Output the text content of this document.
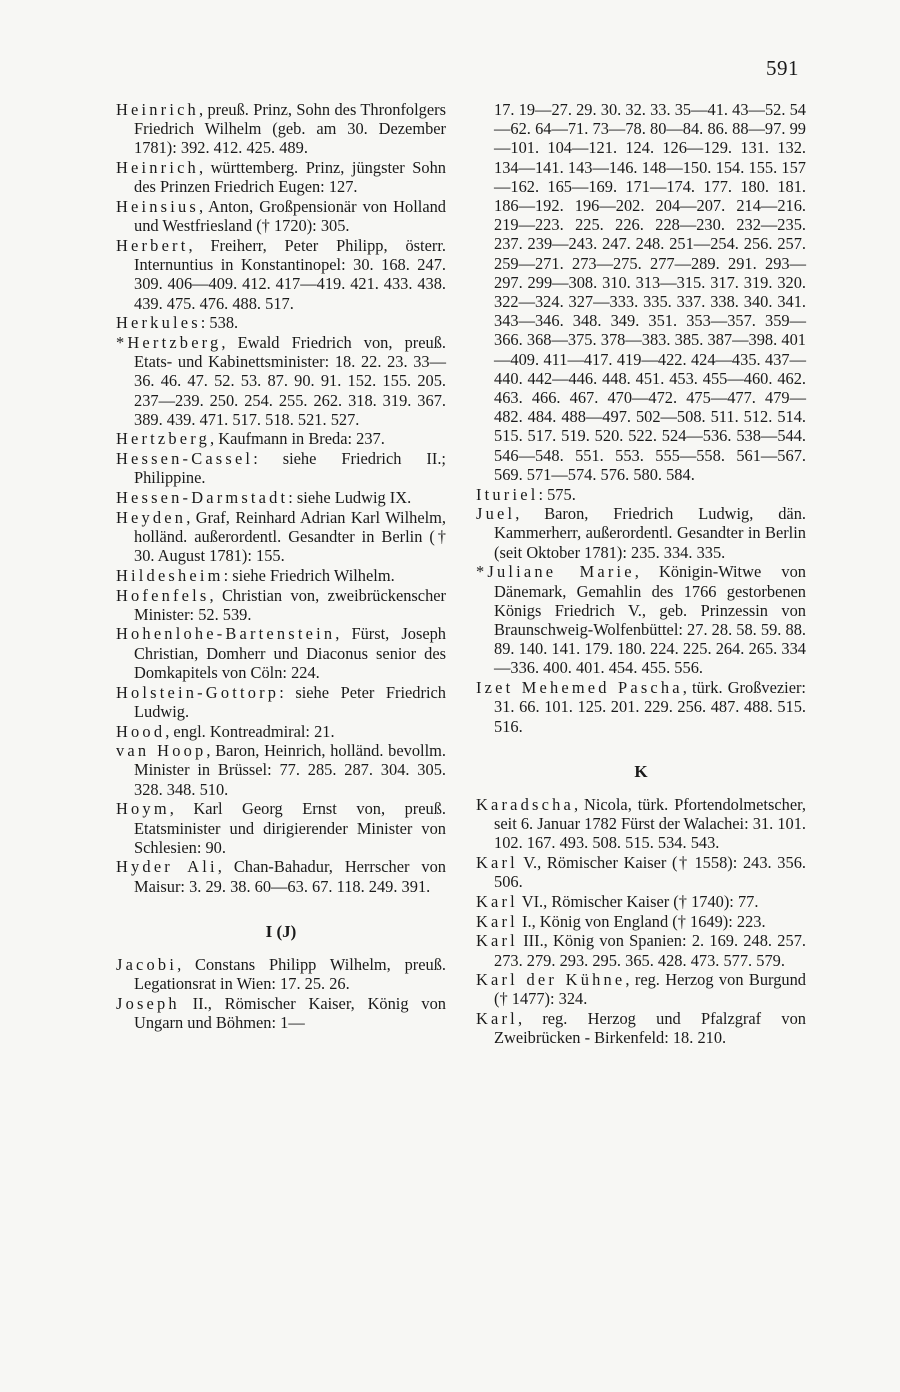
591
Heinrich, preuß. Prinz, Sohn des Thronfolgers Friedrich Wilhelm (geb. am 30. Dezember 1781): 392. 412. 425. 489.
Heinrich, württemberg. Prinz, jüngster Sohn des Prinzen Friedrich Eugen: 127.
Heinsius, Anton, Großpensionär von Holland und Westfriesland († 1720): 305.
Herbert, Freiherr, Peter Philipp, österr. Internuntius in Konstantinopel: 30. 168. 247. 309. 406—409. 412. 417—419. 421. 433. 438. 439. 475. 476. 488. 517.
Herkules: 538.
*Hertzberg, Ewald Friedrich von, preuß. Etats- und Kabinettsminister: 18. 22. 23. 33—36. 46. 47. 52. 53. 87. 90. 91. 152. 155. 205. 237—239. 250. 254. 255. 262. 318. 319. 367. 389. 439. 471. 517. 518. 521. 527.
Hertzberg, Kaufmann in Breda: 237.
Hessen-Cassel: siehe Friedrich II.; Philippine.
Hessen-Darmstadt: siehe Ludwig IX.
Heyden, Graf, Reinhard Adrian Karl Wilhelm, holländ. außerordentl. Gesandter in Berlin († 30. August 1781): 155.
Hildesheim: siehe Friedrich Wilhelm.
Hofenfels, Christian von, zweibrückenscher Minister: 52. 539.
Hohenlohe-Bartenstein, Fürst, Joseph Christian, Domherr und Diaconus senior des Domkapitels von Cöln: 224.
Holstein-Gottorp: siehe Peter Friedrich Ludwig.
Hood, engl. Kontreadmiral: 21.
van Hoop, Baron, Heinrich, holländ. bevollm. Minister in Brüssel: 77. 285. 287. 304. 305. 328. 348. 510.
Hoym, Karl Georg Ernst von, preuß. Etatsminister und dirigierender Minister von Schlesien: 90.
Hyder Ali, Chan-Bahadur, Herrscher von Maisur: 3. 29. 38. 60—63. 67. 118. 249. 391.
I (J)
Jacobi, Constans Philipp Wilhelm, preuß. Legationsrat in Wien: 17. 25. 26.
Joseph II., Römischer Kaiser, König von Ungarn und Böhmen: 1—
17. 19—27. 29. 30. 32. 33. 35—41. 43—52. 54—62. 64—71. 73—78. 80—84. 86. 88—97. 99—101. 104—121. 124. 126—129. 131. 132. 134—141. 143—146. 148—150. 154. 155. 157—162. 165—169. 171—174. 177. 180. 181. 186—192. 196—202. 204—207. 214—216. 219—223. 225. 226. 228—230. 232—235. 237. 239—243. 247. 248. 251—254. 256. 257. 259—271. 273—275. 277—289. 291. 293—297. 299—308. 310. 313—315. 317. 319. 320. 322—324. 327—333. 335. 337. 338. 340. 341. 343—346. 348. 349. 351. 353—357. 359—366. 368—375. 378—383. 385. 387—398. 401—409. 411—417. 419—422. 424—435. 437—440. 442—446. 448. 451. 453. 455—460. 462. 463. 466. 467. 470—472. 475—477. 479—482. 484. 488—497. 502—508. 511. 512. 514. 515. 517. 519. 520. 522. 524—536. 538—544. 546—548. 551. 553. 555—558. 561—567. 569. 571—574. 576. 580. 584.
Ituriel: 575.
Juel, Baron, Friedrich Ludwig, dän. Kammerherr, außerordentl. Gesandter in Berlin (seit Oktober 1781): 235. 334. 335.
*Juliane Marie, Königin-Witwe von Dänemark, Gemahlin des 1766 gestorbenen Königs Friedrich V., geb. Prinzessin von Braunschweig-Wolfenbüttel: 27. 28. 58. 59. 88. 89. 140. 141. 179. 180. 224. 225. 264. 265. 334—336. 400. 401. 454. 455. 556.
Izet Mehemed Pascha, türk. Großvezier: 31. 66. 101. 125. 201. 229. 256. 487. 488. 515. 516.
K
Karadscha, Nicola, türk. Pfortendolmetscher, seit 6. Januar 1782 Fürst der Walachei: 31. 101. 102. 167. 493. 508. 515. 534. 543.
Karl V., Römischer Kaiser († 1558): 243. 356. 506.
Karl VI., Römischer Kaiser († 1740): 77.
Karl I., König von England († 1649): 223.
Karl III., König von Spanien: 2. 169. 248. 257. 273. 279. 293. 295. 365. 428. 473. 577. 579.
Karl der Kühne, reg. Herzog von Burgund († 1477): 324.
Karl, reg. Herzog und Pfalzgraf von Zweibrücken - Birkenfeld: 18. 210.
